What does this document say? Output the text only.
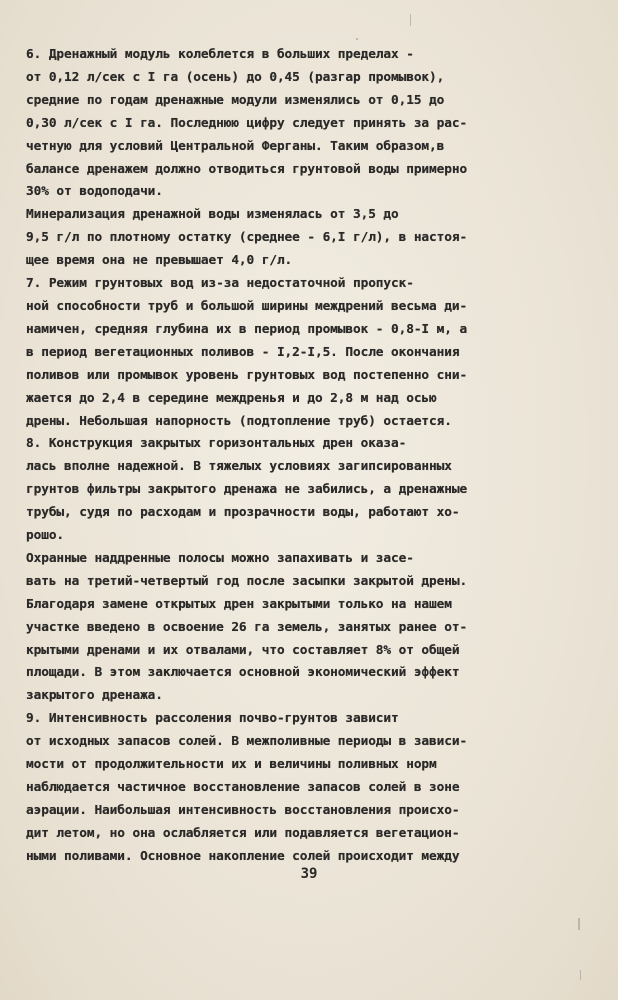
6. Дренажный модуль колеблется в больших пределах -
от 0,12 л/сек с I га (осень) до 0,45 (разгар промывок),
средние по годам дренажные модули изменялись от 0,15 до
0,30 л/сек с I га. Последнюю цифру следует принять за рас-
четную для условий Центральной Ферганы. Таким образом,в
балансе дренажем должно отводиться грунтовой воды примерно
30% от водоподачи.
Минерализация дренажной воды изменялась от 3,5 до
9,5 г/л по плотному остатку (среднее - 6,I г/л), в настоя-
щее время она не превышает 4,0 г/л.
7. Режим грунтовых вод из-за недостаточной пропуск-
ной способности труб и большой ширины междрений весьма ди-
намичен, средняя глубина их в период промывок - 0,8-I м, а
в период вегетационных поливов - I,2-I,5. После окончания
поливов или промывок уровень грунтовых вод постепенно сни-
жается до 2,4 в середине междренья и до 2,8 м над осью
дрены. Небольшая напорность (подтопление труб) остается.
8. Конструкция закрытых горизонтальных дрен оказа-
лась вполне надежной. В тяжелых условиях загипсированных
грунтов фильтры закрытого дренажа не забились, а дренажные
трубы, судя по расходам и прозрачности воды, работают хо-
рошо.
Охранные наддренные полосы можно запахивать и засе-
вать на третий-четвертый год после засыпки закрытой дрены.
Благодаря замене открытых дрен закрытыми только на нашем
участке введено в освоение 26 га земель, занятых ранее от-
крытыми дренами и их отвалами, что составляет 8% от общей
площади. В этом заключается основной экономический эффект
закрытого дренажа.
9. Интенсивность рассоления почво-грунтов зависит
от исходных запасов солей. В межполивные периоды в зависи-
мости от продолжительности их и величины поливных норм
наблюдается частичное восстановление запасов солей в зоне
аэрации. Наибольшая интенсивность восстановления происхо-
дит летом, но она ослабляется или подавляется вегетацион-
ными поливами. Основное накопление солей происходит между
39
